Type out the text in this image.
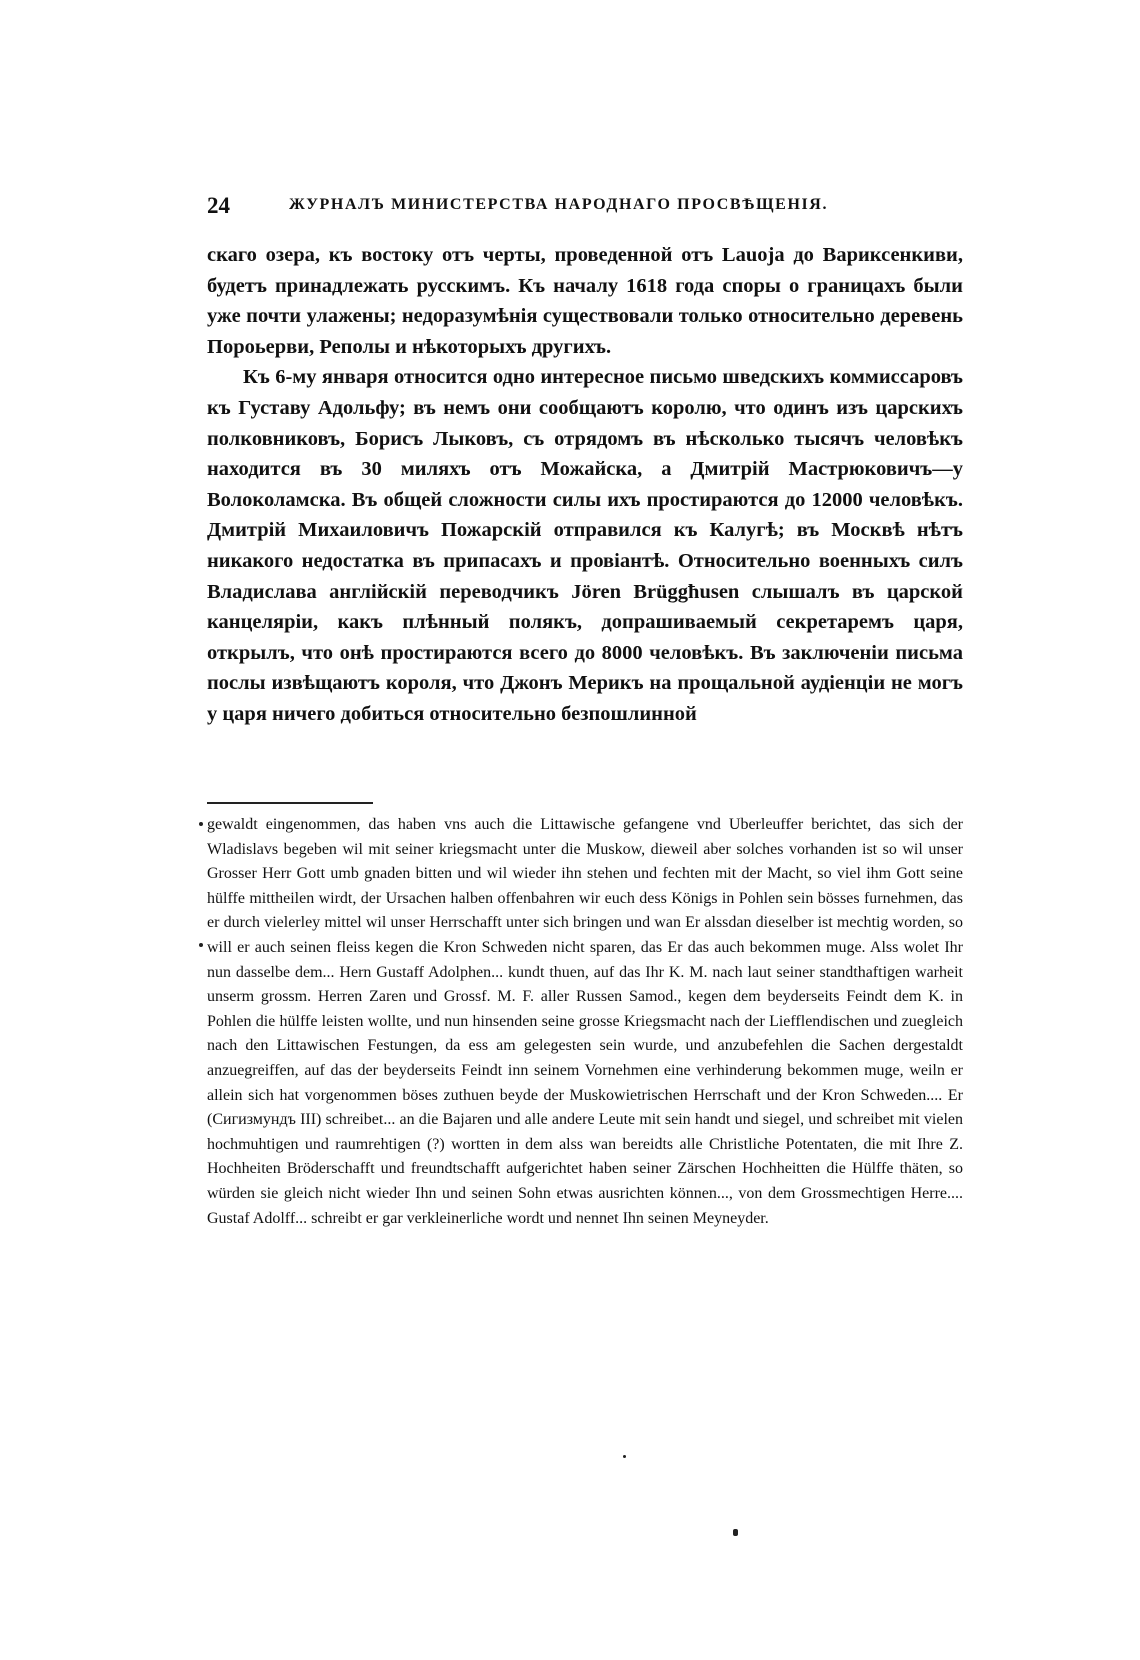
24	ЖУРНАЛЪ МИНИСТЕРСТВА НАРОДНАГО ПРОСВѢЩЕНІЯ.

скаго озера, къ востоку отъ черты, проведенной отъ Lauoja до Вариксенкиви, будетъ принадлежать русскимъ. Къ началу 1618 года споры о границахъ были уже почти улажены; недоразумѣнія существовали только относительно деревень Пороьерви, Реполы и нѣкоторыхъ другихъ.

Къ 6-му января относится одно интересное письмо шведскихъ коммиссаровъ къ Густаву Адольфу; въ немъ они сообщаютъ королю, что одинъ изъ царскихъ полковниковъ, Борисъ Лыковъ, съ отрядомъ въ нѣсколько тысячъ человѣкъ находится въ 30 миляхъ отъ Можайска, а Дмитрій Мастрюковичъ—у Волоколамска. Въ общей сложности силы ихъ простираются до 12000 человѣкъ. Дмитрій Михаиловичъ Пожарскій отправился къ Калугѣ; въ Москвѣ нѣтъ никакого недостатка въ припасахъ и провіантѣ. Относительно военныхъ силъ Владислава англійскій переводчикъ Jören Brüggħusen слышалъ въ царской канцеляріи, какъ плѣнный полякъ, допрашиваемый секретаремъ царя, открылъ, что онѣ простираются всего до 8000 человѣкъ. Въ заключеніи письма послы извѣщаютъ короля, что Джонъ Мерикъ на прощальной аудіенціи не могъ у царя ничего добиться относительно безпошлинной

gewaldt eingenommen, das haben vns auch die Littawische gefangene vnd Uberleuffer berichtet, das sich der Wladislavs begeben wil mit seiner kriegsmacht unter die Muskow, dieweil aber solches vorhanden ist so wil unser Grosser Herr Gott umb gnaden bitten und wil wieder ihn stehen und fechten mit der Macht, so viel ihm Gott seine hülffe mittheilen wirdt, der Ursachen halben offenbahren wir euch dess Königs in Pohlen sein bösses furnehmen, das er durch vielerley mittel wil unser Herrschafft unter sich bringen und wan Er alssdan dieselber ist mechtig worden, so will er auch seinen fleiss kegen die Kron Schweden nicht sparen, das Er das auch bekommen muge. Alss wolet Ihr nun dasselbe dem... Hern Gustaff Adolphen... kundt thuen, auf das Ihr K. M. nach laut seiner standthaftigen warheit unserm grossm. Herren Zaren und Grossf. M. F. aller Russen Samod., kegen dem beyderseits Feindt dem K. in Pohlen die hülffe leisten wollte, und nun hinsenden seine grosse Kriegsmacht nach der Liefflendischen und zuegleich nach den Littawischen Festungen, da ess am gelegesten sein wurde, und anzubefehlen die Sachen dergestaldt anzuegreiffen, auf das der beyderseits Feindt inn seinem Vornehmen eine verhinderung bekommen muge, weiln er allein sich hat vorgenommen böses zuthuen beyde der Muskowietrischen Herrschaft und der Kron Schweden.... Er (Сигизмундъ III) schreibet... an die Bajaren und alle andere Leute mit sein handt und siegel, und schreibet mit vielen hochmuhtigen und raumrehtigen (?) wortten in dem alss wan bereidts alle Christliche Potentaten, die mit Ihre Z. Hochheiten Bröderschafft und freundtschafft aufgerichtet haben seiner Zärschen Hochheitten die Hülffe thäten, so würden sie gleich nicht wieder Ihn und seinen Sohn etwas ausrichten können..., von dem Grossmechtigen Herre.... Gustaf Adolff... schreibt er gar verkleinerliche wordt und nennet Ihn seinen Meyneyder.
